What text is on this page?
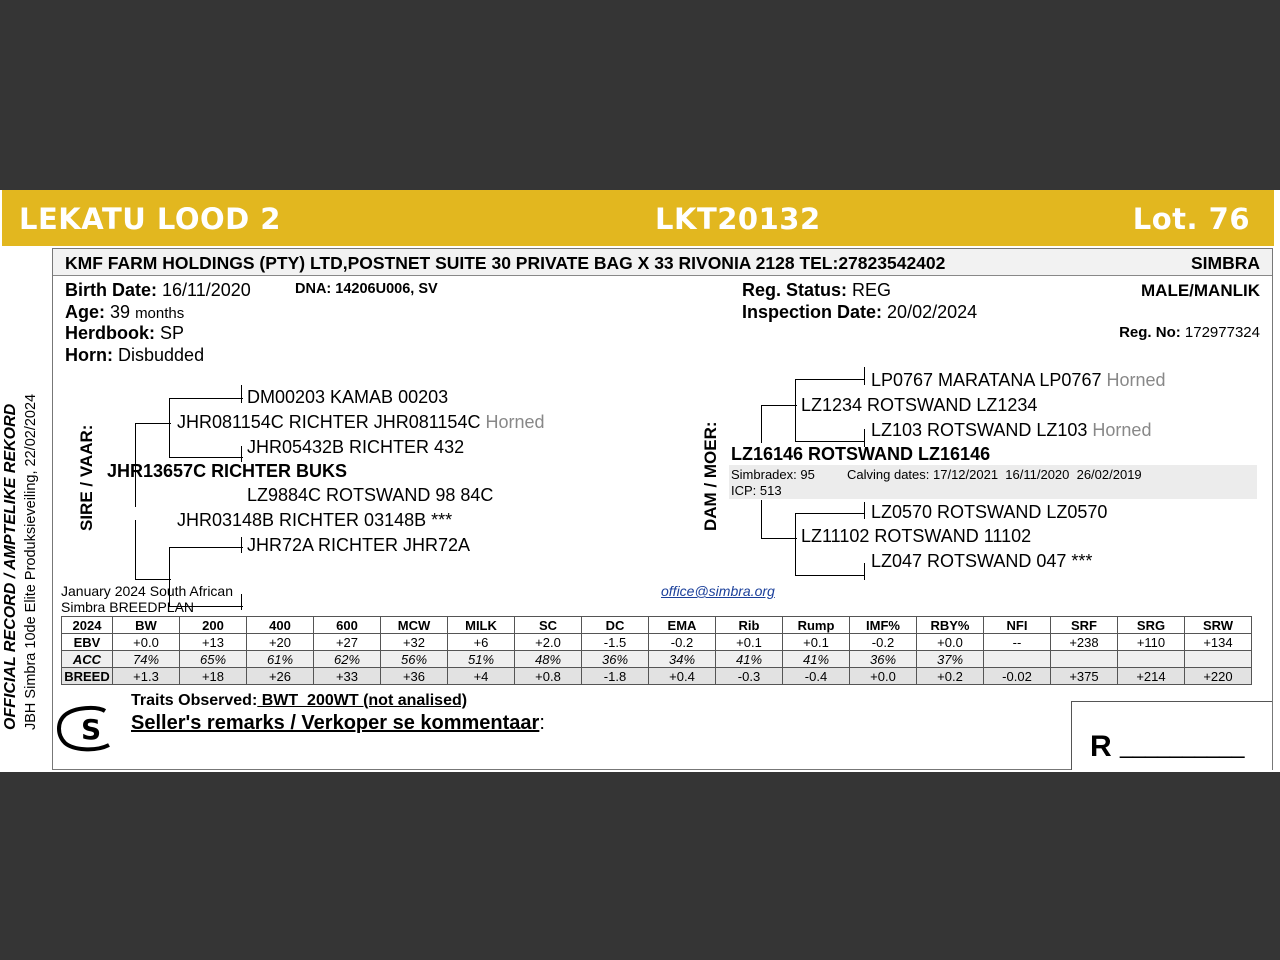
LEKATU LOOD 2	LKT20132	Lot. 76
OFFICIAL RECORD / AMPTELIKE REKORD JBH Simbra 10de Elite Produksieveiling, 22/02/2024
KMF FARM HOLDINGS (PTY) LTD,POSTNET SUITE 30 PRIVATE BAG X 33 RIVONIA 2128 TEL:27823542402	SIMBRA
Birth Date: 16/11/2020	DNA: 14206U006, SV
Age: 39 months
Herdbook: SP
Horn: Disbudded
Reg. Status: REG
Inspection Date: 20/02/2024
MALE/MANLIK
Reg. No: 172977324
SIRE / VAAR:
DM00203 KAMAB 00203
JHR081154C RICHTER JHR081154C Horned
JHR05432B RICHTER 432
JHR13657C RICHTER BUKS
LZ9884C ROTSWAND 98 84C
JHR03148B RICHTER 03148B ***
JHR72A RICHTER JHR72A
DAM / MOER:
LP0767 MARATANA LP0767 Horned
LZ1234 ROTSWAND LZ1234
LZ103 ROTSWAND LZ103 Horned
LZ16146 ROTSWAND LZ16146
Simbradex: 95 Calving dates: 17/12/2021  16/11/2020  26/02/2019
ICP: 513
LZ0570 ROTSWAND LZ0570
LZ11102 ROTSWAND 11102
LZ047 ROTSWAND 047 ***
January 2024 South African
Simbra BREEDPLAN
office@simbra.org
2024	BW	200	400	600	MCW	MILK	SC	DC	EMA	Rib	Rump	IMF%	RBY%	NFI	SRF	SRG	SRW
EBV	+0.0	+13	+20	+27	+32	+6	+2.0	-1.5	-0.2	+0.1	+0.1	-0.2	+0.0	--	+238	+110	+134
ACC	74%	65%	61%	62%	56%	51%	48%	36%	34%	41%	41%	36%	37%				
BREED	+1.3	+18	+26	+33	+36	+4	+0.8	-1.8	+0.4	-0.3	-0.4	+0.0	+0.2	-0.02	+375	+214	+220
S
Traits Observed: BWT  200WT (not analised)
Seller's remarks / Verkoper se kommentaar:
R __________
